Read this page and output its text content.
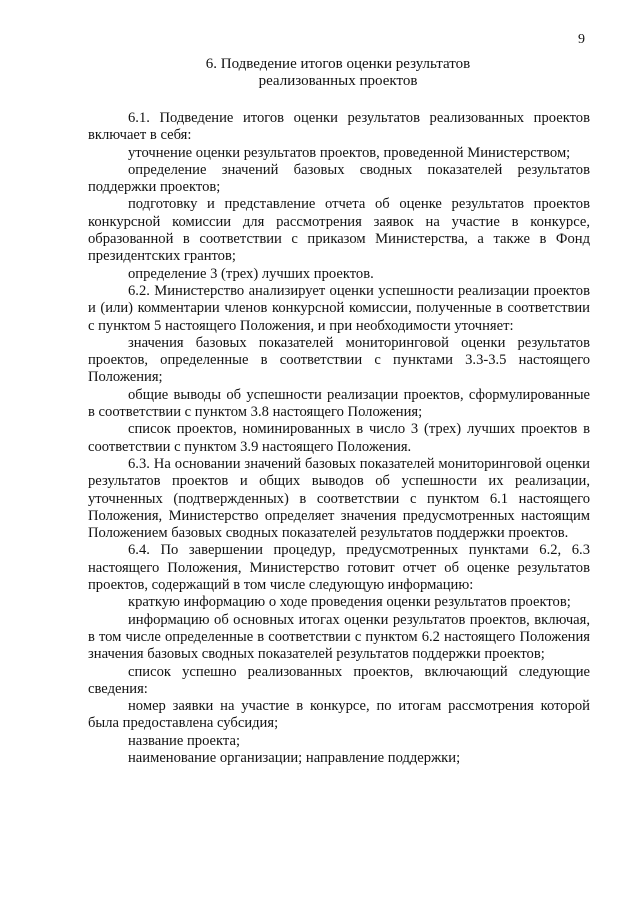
9
6. Подведение итогов оценки результатов
реализованных проектов

6.1. Подведение итогов оценки результатов реализованных проектов включает в себя:

уточнение оценки результатов проектов, проведенной Министерством;

определение значений базовых сводных показателей результатов поддержки проектов;

подготовку и представление отчета об оценке результатов проектов конкурсной комиссии для рассмотрения заявок на участие в конкурсе, образованной в соответствии с приказом Министерства, а также в Фонд президентских грантов;

определение 3 (трех) лучших проектов.

6.2. Министерство анализирует оценки успешности реализации проектов и (или) комментарии членов конкурсной комиссии, полученные в соответствии с пунктом 5 настоящего Положения, и при необходимости уточняет:

значения базовых показателей мониторинговой оценки результатов проектов, определенные в соответствии с пунктами 3.3-3.5 настоящего Положения;

общие выводы об успешности реализации проектов, сформулированные в соответствии с пунктом 3.8 настоящего Положения;

список проектов, номинированных в число 3 (трех) лучших проектов в соответствии с пунктом 3.9 настоящего Положения.

6.3. На основании значений базовых показателей мониторинговой оценки результатов проектов и общих выводов об успешности их реализации, уточненных (подтвержденных) в соответствии с пунктом 6.1 настоящего Положения, Министерство определяет значения предусмотренных настоящим Положением базовых сводных показателей результатов поддержки проектов.

6.4. По завершении процедур, предусмотренных пунктами 6.2, 6.3 настоящего Положения, Министерство готовит отчет об оценке результатов проектов, содержащий в том числе следующую информацию:

краткую информацию о ходе проведения оценки результатов проектов;

информацию об основных итогах оценки результатов проектов, включая, в том числе определенные в соответствии с пунктом 6.2 настоящего Положения значения базовых сводных показателей результатов поддержки проектов;

список успешно реализованных проектов, включающий следующие сведения:

номер заявки на участие в конкурсе, по итогам рассмотрения которой была предоставлена субсидия;

название проекта;

наименование организации; направление поддержки;
